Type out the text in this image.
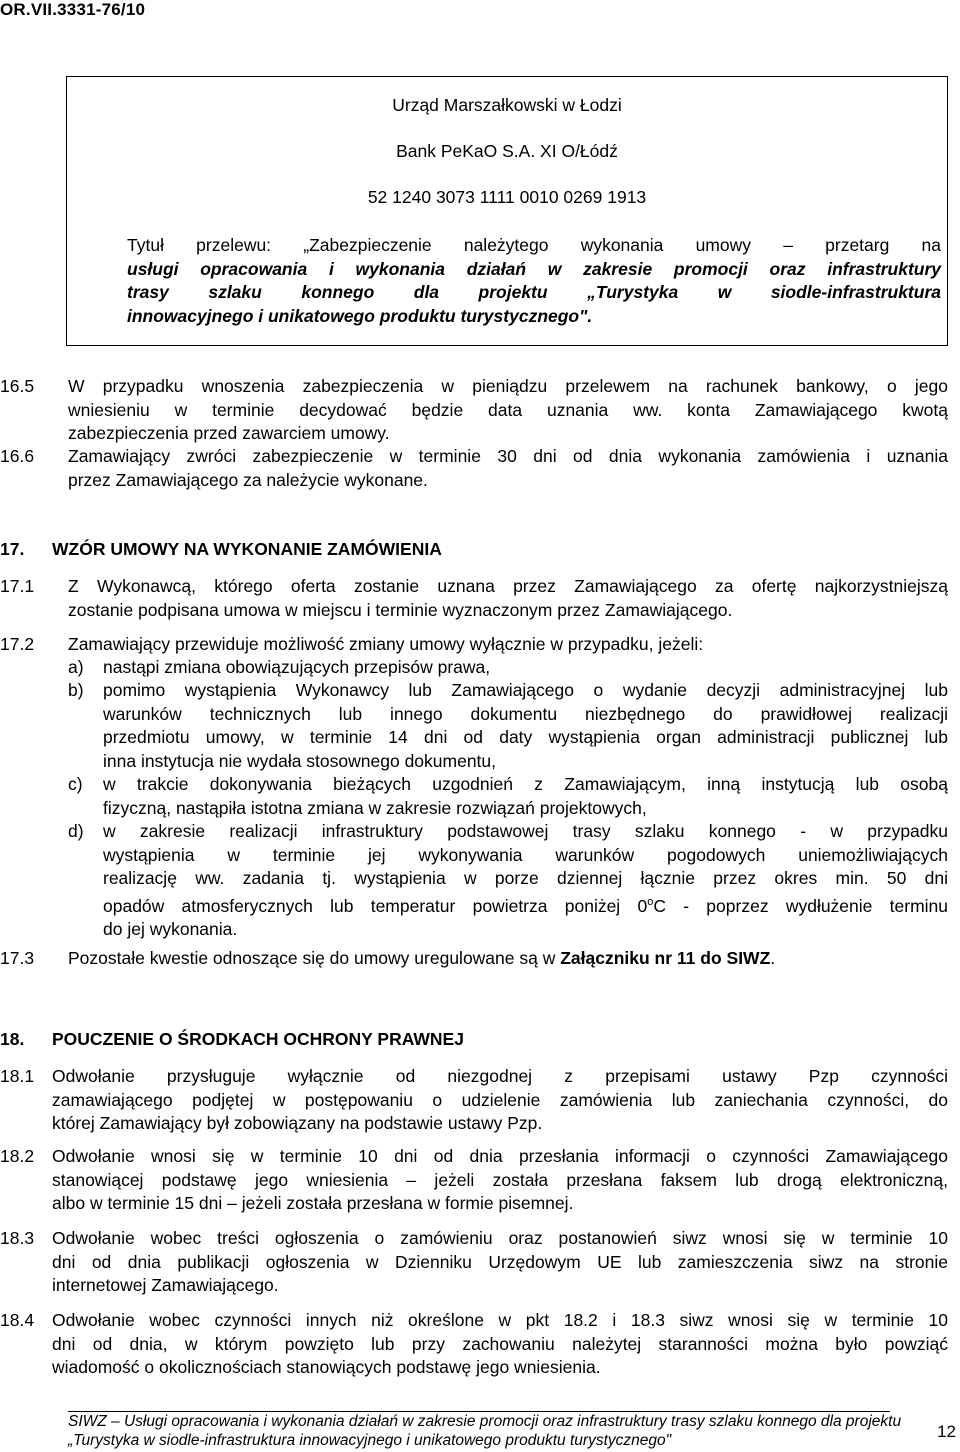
OR.VII.3331-76/10
Urząd Marszałkowski w Łodzi
Bank PeKaO S.A. XI O/Łódź
52 1240 3073 1111 0010 0269 1913
Tytuł przelewu: „Zabezpieczenie należytego wykonania umowy – przetarg na
usługi opracowania i wykonania działań w zakresie promocji oraz infrastruktury
trasy szlaku konnego dla projektu „Turystyka w siodle-infrastruktura
innowacyjnego i unikatowego produktu turystycznego".
16.5 W przypadku wnoszenia zabezpieczenia w pieniądzu przelewem na rachunek bankowy, o jego
wniesieniu w terminie decydować będzie data uznania ww. konta Zamawiającego kwotą
zabezpieczenia przed zawarciem umowy.
16.6 Zamawiający zwróci zabezpieczenie w terminie 30 dni od dnia wykonania zamówienia i uznania
przez Zamawiającego za należycie wykonane.
17. WZÓR UMOWY NA WYKONANIE ZAMÓWIENIA
17.1 Z Wykonawcą, którego oferta zostanie uznana przez Zamawiającego za ofertę najkorzystniejszą
zostanie podpisana umowa w miejscu i terminie wyznaczonym przez Zamawiającego.
17.2 Zamawiający przewiduje możliwość zmiany umowy wyłącznie w przypadku, jeżeli:
a) nastąpi zmiana obowiązujących przepisów prawa,
b) pomimo wystąpienia Wykonawcy lub Zamawiającego o wydanie decyzji administracyjnej lub
warunków technicznych lub innego dokumentu niezbędnego do prawidłowej realizacji
przedmiotu umowy, w terminie 14 dni od daty wystąpienia organ administracji publicznej lub
inna instytucja nie wydała stosownego dokumentu,
c) w trakcie dokonywania bieżących uzgodnień z Zamawiającym, inną instytucją lub osobą
fizyczną, nastąpiła istotna zmiana w zakresie rozwiązań projektowych,
d) w zakresie realizacji infrastruktury podstawowej trasy szlaku konnego - w przypadku
wystąpienia w terminie jej wykonywania warunków pogodowych uniemożliwiających
realizację ww. zadania tj. wystąpienia w porze dziennej łącznie przez okres min. 50 dni
opadów atmosferycznych lub temperatur powietrza poniżej 0$^o$C - poprzez wydłużenie terminu
do jej wykonania.
17.3 Pozostałe kwestie odnoszące się do umowy uregulowane są w Załączniku nr 11 do SIWZ.
18. POUCZENIE O ŚRODKACH OCHRONY PRAWNEJ
18.1 Odwołanie przysługuje wyłącznie od niezgodnej z przepisami ustawy Pzp czynności
zamawiającego podjętej w postępowaniu o udzielenie zamówienia lub zaniechania czynności, do
której Zamawiający był zobowiązany na podstawie ustawy Pzp.
18.2 Odwołanie wnosi się w terminie 10 dni od dnia przesłania informacji o czynności Zamawiającego
stanowiącej podstawę jego wniesienia – jeżeli została przesłana faksem lub drogą elektroniczną,
albo w terminie 15 dni – jeżeli została przesłana w formie pisemnej.
18.3 Odwołanie wobec treści ogłoszenia o zamówieniu oraz postanowień siwz wnosi się w terminie 10
dni od dnia publikacji ogłoszenia w Dzienniku Urzędowym UE lub zamieszczenia siwz na stronie
internetowej Zamawiającego.
18.4 Odwołanie wobec czynności innych niż określone w pkt 18.2 i 18.3 siwz wnosi się w terminie 10
dni od dnia, w którym powzięto lub przy zachowaniu należytej staranności można było powziąć
wiadomość o okolicznościach stanowiących podstawę jego wniesienia.
SIWZ – Usługi opracowania i wykonania działań w zakresie promocji oraz infrastruktury trasy szlaku konnego dla projektu
„Turystyka w siodle-infrastruktura innowacyjnego i unikatowego produktu turystycznego"	12
